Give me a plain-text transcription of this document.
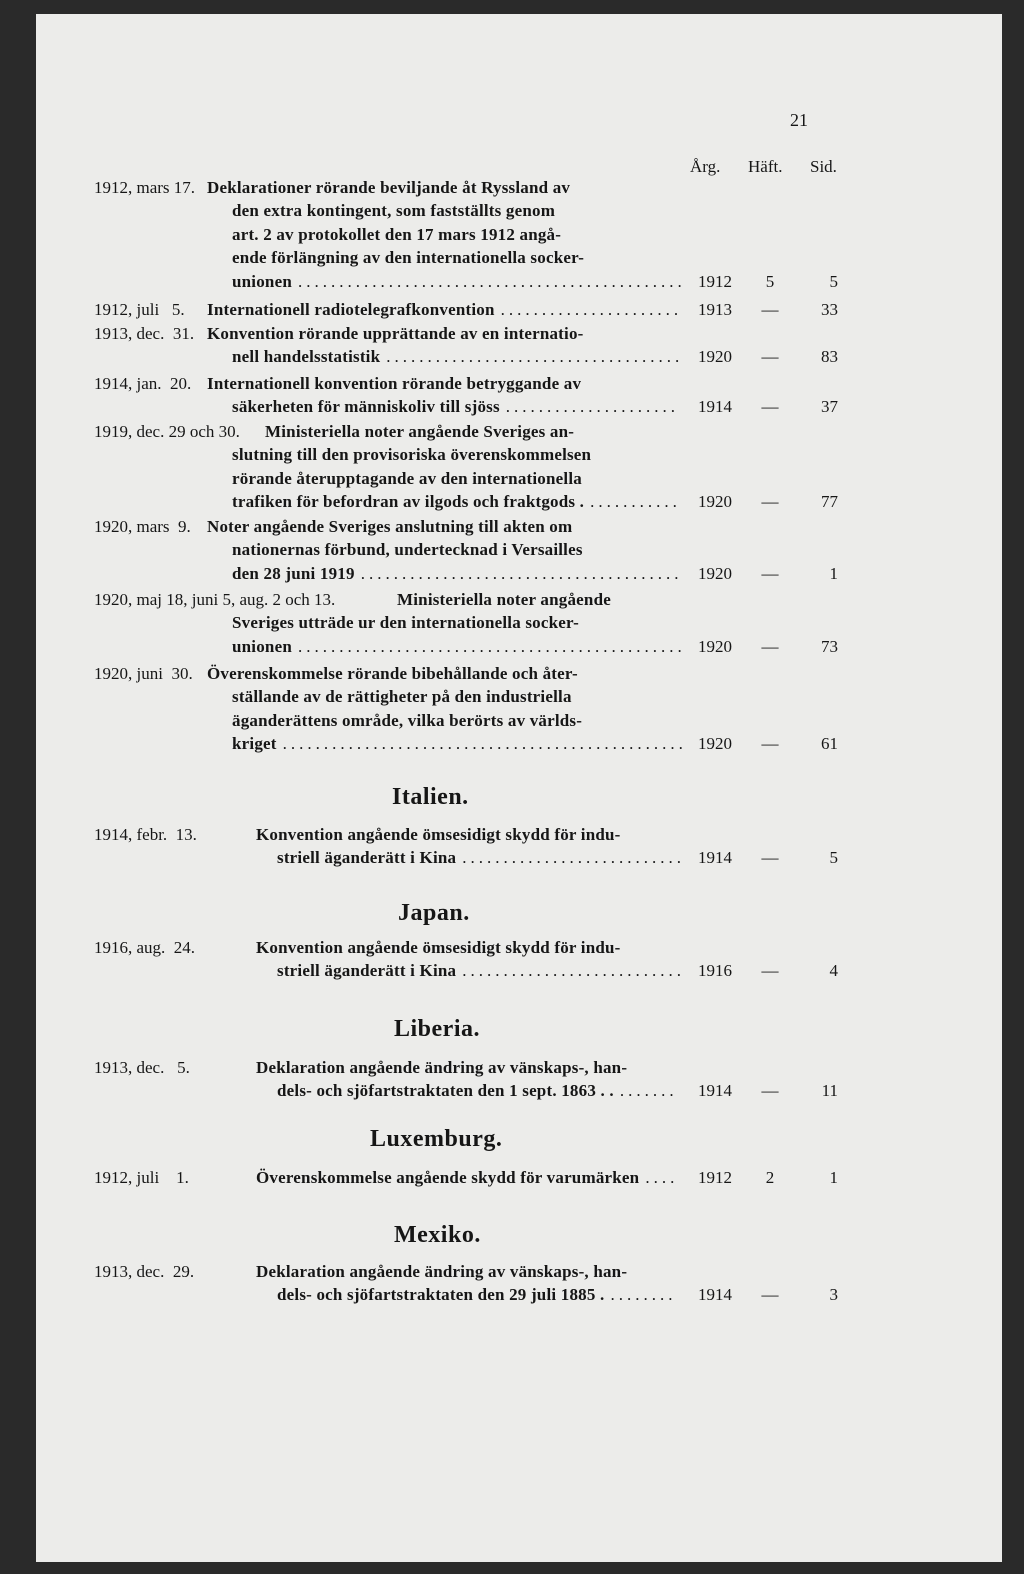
21
Årg. Häft. Sid.
1912, mars 17. Deklarationer rörande beviljande åt Ryssland av
den extra kontingent, som fastställts genom
art. 2 av protokollet den 17 mars 1912 angå-
ende förlängning av den internationella socker-
unionen ............................................... 1912	5	5
1912, juli   5. Internationell radiotelegrafkonvention ...................... 1913 —	33
1913, dec.  31. Konvention rörande upprättande av en internatio-
nell handelsstatistik .................................... 1920 —	83
1914, jan.  20. Internationell konvention rörande betryggande av
säkerheten för människoliv till sjöss .....................	1914 —	37
1919, dec. 29 och 30. Ministeriella noter angående Sveriges an-
slutning till den provisoriska överenskommelsen
rörande återupptagande av den internationella
trafiken för befordran av ilgods och fraktgods . ...........	1920 —	77
1920, mars  9. Noter angående Sveriges anslutning till akten om
nationernas förbund, undertecknad i Versailles
den 28 juni 1919 ....................................... 1920 —	1
1920, maj 18, juni 5, aug. 2 och 13.	Ministeriella noter angående
Sveriges utträde ur den internationella socker-
unionen ............................................... 1920 —	73
1920, juni  30. Överenskommelse rörande bibehållande och åter-
ställande av de rättigheter på den industriella
äganderättens område, vilka berörts av världs-
kriget ................................................. 1920 —	61
Italien.
1914, febr.  13.	Konvention angående ömsesidigt skydd för indu-
striell äganderätt i Kina ........................... 1914 —	5
Japan.
1916, aug.  24.	Konvention angående ömsesidigt skydd för indu-
striell äganderätt i Kina ........................... 1916 —	4
Liberia.
1913, dec.   5.	Deklaration angående ändring av vänskaps-, han-
dels- och sjöfartstraktaten den 1 sept. 1863 . . .......	1914 —	11
Luxemburg.
1912, juli    1.	Överenskommelse angående skydd för varumärken ....	1912	2	1
Mexiko.
1913, dec.  29.	Deklaration angående ändring av vänskaps-, han-
dels- och sjöfartstraktaten den 29 juli 1885 . ........	1914 —	3
